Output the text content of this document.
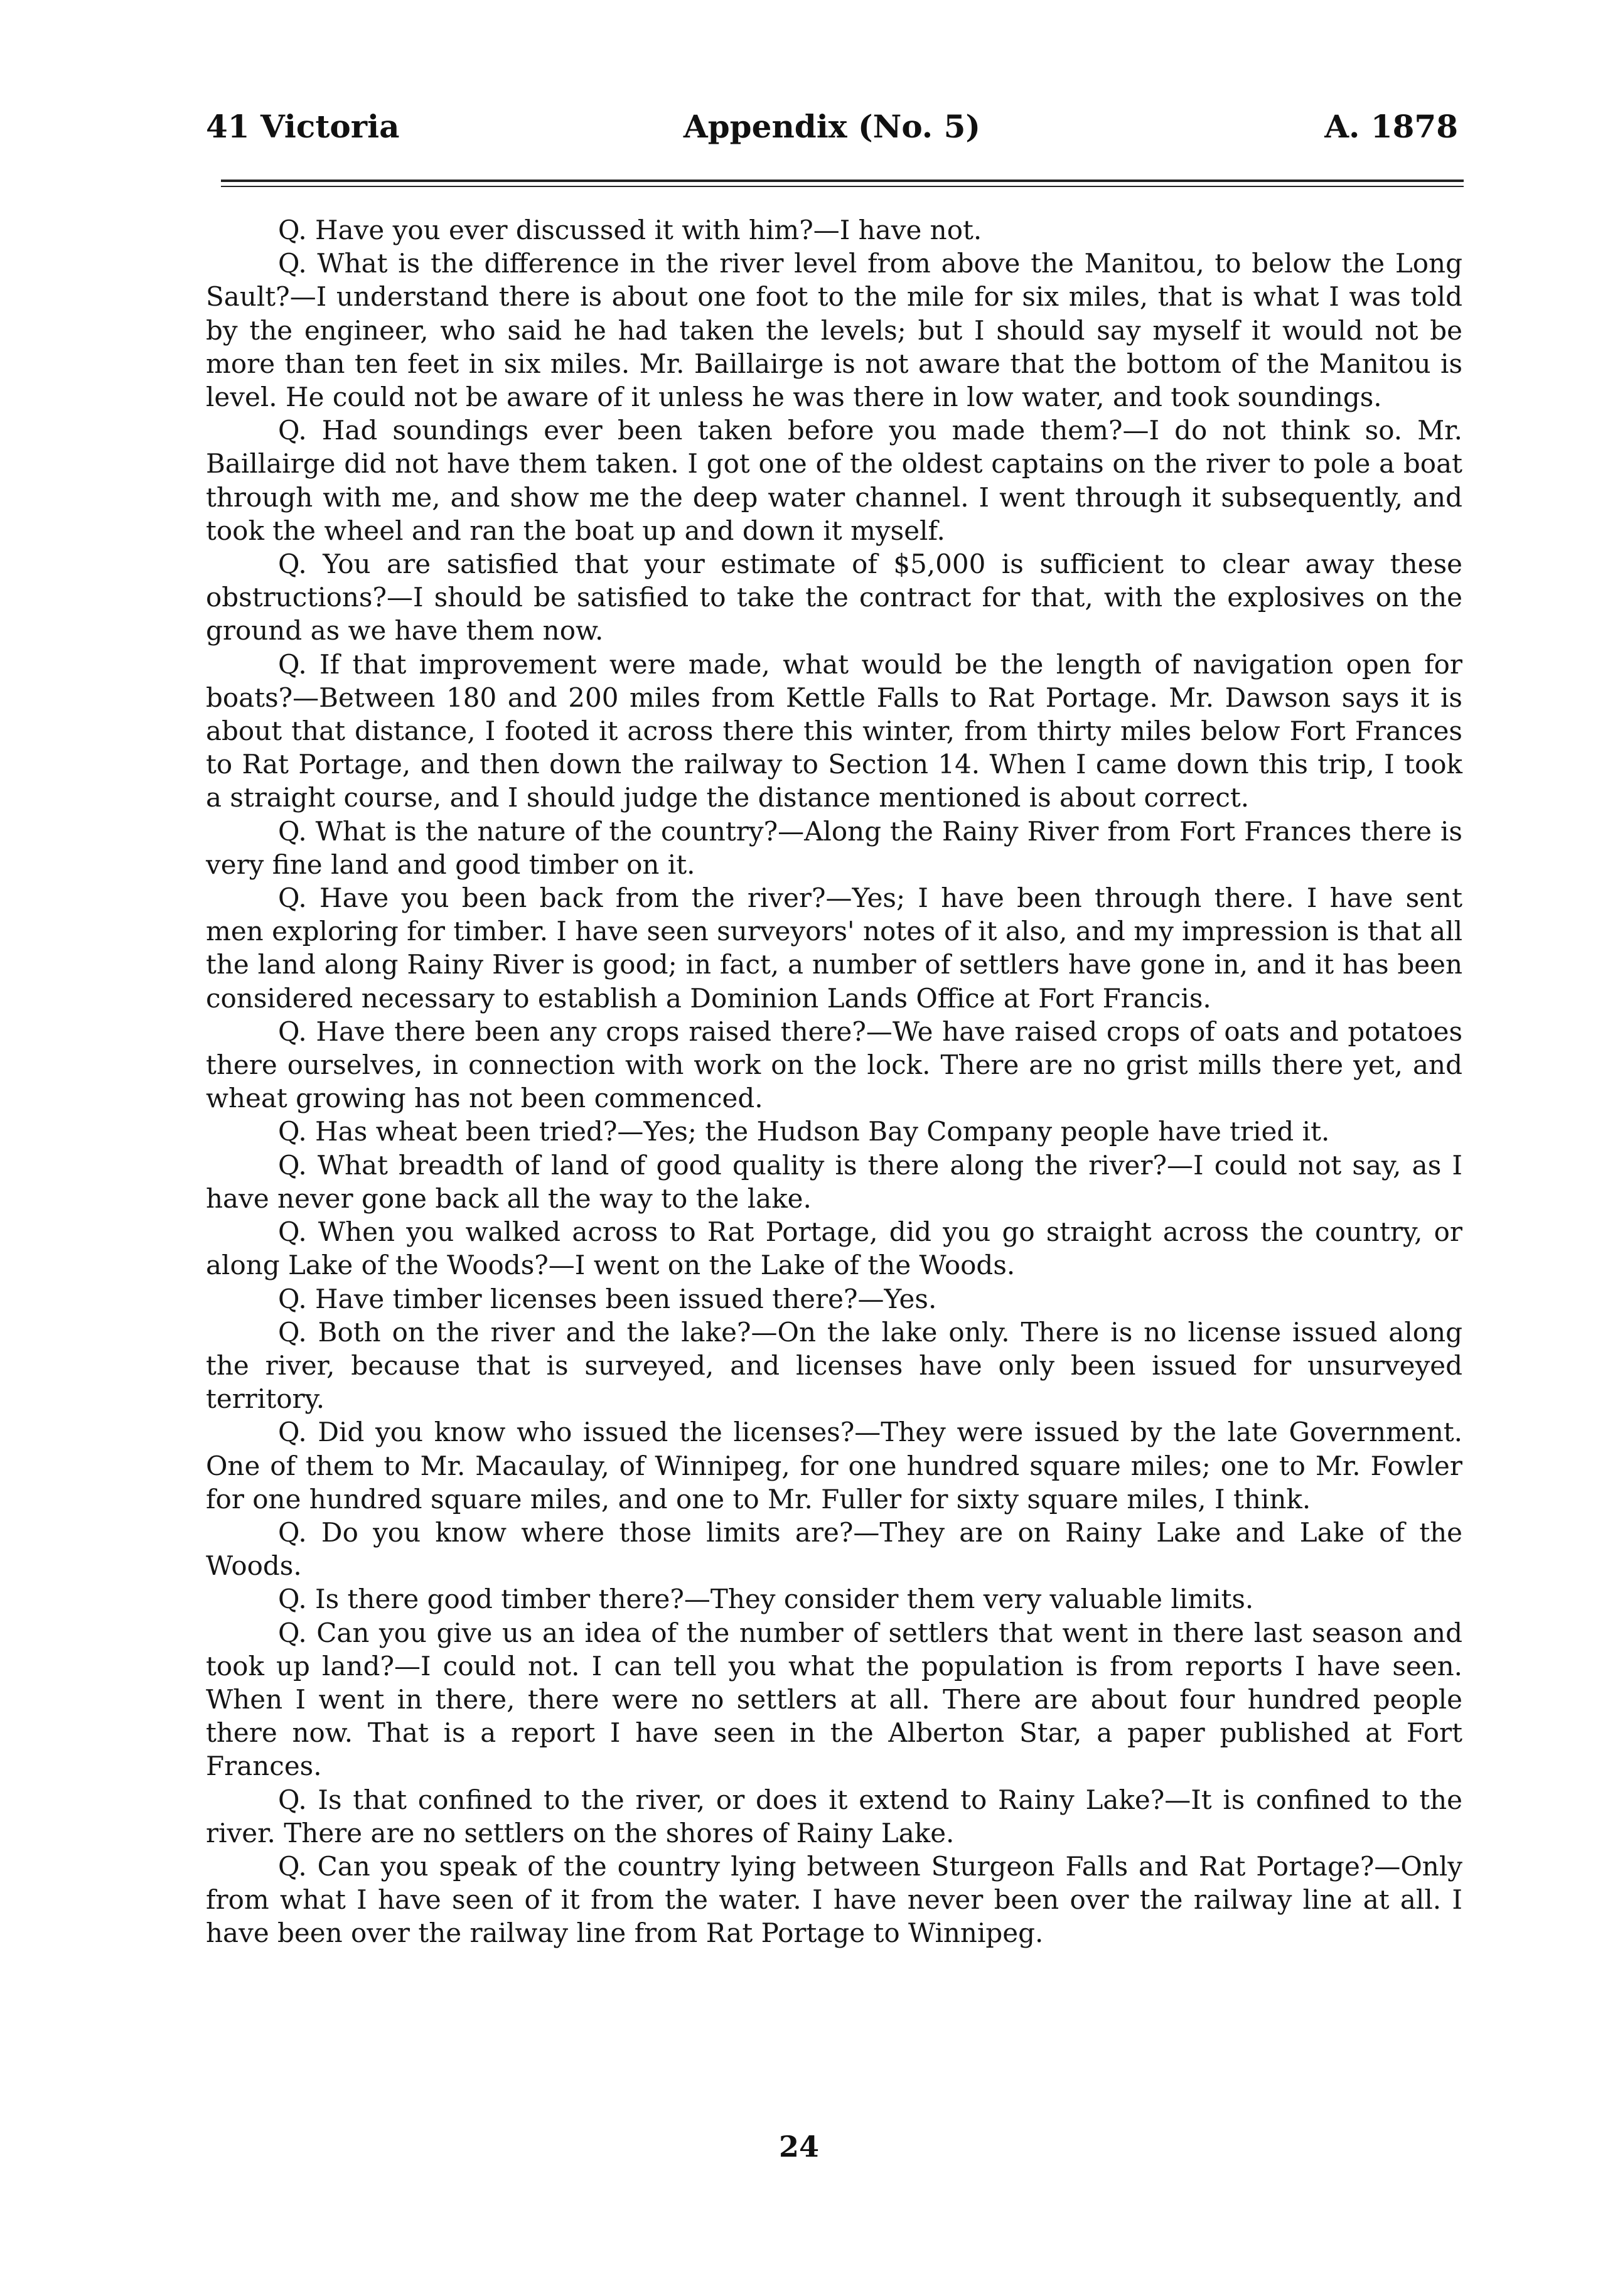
41 Victoria	Appendix (No. 5)	A. 1878

Q. Have you ever discussed it with him?—I have not.

Q. What is the difference in the river level from above the Manitou, to below the Long Sault?—I understand there is about one foot to the mile for six miles, that is what I was told by the engineer, who said he had taken the levels; but I should say myself it would not be more than ten feet in six miles. Mr. Baillairge is not aware that the bottom of the Manitou is level. He could not be aware of it unless he was there in low water, and took soundings.

Q. Had soundings ever been taken before you made them?—I do not think so. Mr. Baillairge did not have them taken. I got one of the oldest captains on the river to pole a boat through with me, and show me the deep water channel. I went through it subsequently, and took the wheel and ran the boat up and down it myself.

Q. You are satisfied that your estimate of $5,000 is sufficient to clear away these obstructions?—I should be satisfied to take the contract for that, with the explosives on the ground as we have them now.

Q. If that improvement were made, what would be the length of navigation open for boats?—Between 180 and 200 miles from Kettle Falls to Rat Portage. Mr. Dawson says it is about that distance, I footed it across there this winter, from thirty miles below Fort Frances to Rat Portage, and then down the railway to Section 14. When I came down this trip, I took a straight course, and I should judge the distance mentioned is about correct.

Q. What is the nature of the country?—Along the Rainy River from Fort Frances there is very fine land and good timber on it.

Q. Have you been back from the river?—Yes; I have been through there. I have sent men exploring for timber. I have seen surveyors' notes of it also, and my impression is that all the land along Rainy River is good; in fact, a number of settlers have gone in, and it has been considered necessary to establish a Dominion Lands Office at Fort Francis.

Q. Have there been any crops raised there?—We have raised crops of oats and potatoes there ourselves, in connection with work on the lock. There are no grist mills there yet, and wheat growing has not been commenced.

Q. Has wheat been tried?—Yes; the Hudson Bay Company people have tried it.

Q. What breadth of land of good quality is there along the river?—I could not say, as I have never gone back all the way to the lake.

Q. When you walked across to Rat Portage, did you go straight across the country, or along Lake of the Woods?—I went on the Lake of the Woods.

Q. Have timber licenses been issued there?—Yes.

Q. Both on the river and the lake?—On the lake only. There is no license issued along the river, because that is surveyed, and licenses have only been issued for unsurveyed territory.

Q. Did you know who issued the licenses?—They were issued by the late Government. One of them to Mr. Macaulay, of Winnipeg, for one hundred square miles; one to Mr. Fowler for one hundred square miles, and one to Mr. Fuller for sixty square miles, I think.

Q. Do you know where those limits are?—They are on Rainy Lake and Lake of the Woods.

Q. Is there good timber there?—They consider them very valuable limits.

Q. Can you give us an idea of the number of settlers that went in there last season and took up land?—I could not. I can tell you what the population is from reports I have seen. When I went in there, there were no settlers at all. There are about four hundred people there now. That is a report I have seen in the Alberton Star, a paper published at Fort Frances.

Q. Is that confined to the river, or does it extend to Rainy Lake?—It is confined to the river. There are no settlers on the shores of Rainy Lake.

Q. Can you speak of the country lying between Sturgeon Falls and Rat Portage?—Only from what I have seen of it from the water. I have never been over the railway line at all. I have been over the railway line from Rat Portage to Winnipeg.

24
